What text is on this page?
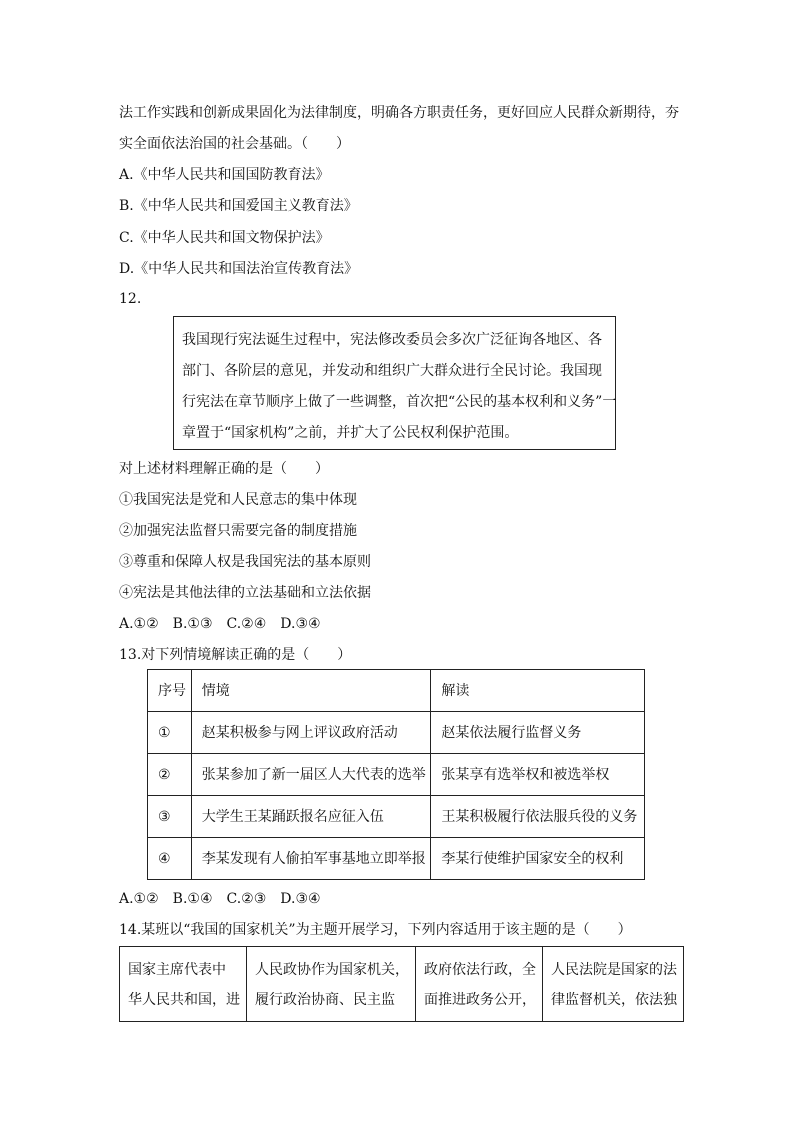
法工作实践和创新成果固化为法律制度，明确各方职责任务，更好回应人民群众新期待，夯
实全面依法治国的社会基础。（　　）
A.《中华人民共和国国防教育法》
B.《中华人民共和国爱国主义教育法》
C.《中华人民共和国文物保护法》
D.《中华人民共和国法治宣传教育法》
12.
我国现行宪法诞生过程中，宪法修改委员会多次广泛征询各地区、各
部门、各阶层的意见，并发动和组织广大群众进行全民讨论。我国现
行宪法在章节顺序上做了一些调整，首次把“公民的基本权利和义务”一
章置于“国家机构”之前，并扩大了公民权利保护范围。
对上述材料理解正确的是（　　）
①我国宪法是党和人民意志的集中体现
②加强宪法监督只需要完备的制度措施
③尊重和保障人权是我国宪法的基本原则
④宪法是其他法律的立法基础和立法依据
A.①②　B.①③　C.②④　D.③④
13.对下列情境解读正确的是（　　）
序号	情境	解读
①	赵某积极参与网上评议政府活动	赵某依法履行监督义务
②	张某参加了新一届区人大代表的选举	张某享有选举权和被选举权
③	大学生王某踊跃报名应征入伍	王某积极履行依法服兵役的义务
④	李某发现有人偷拍军事基地立即举报	李某行使维护国家安全的权利
A.①②　B.①④　C.②③　D.③④
14.某班以“我国的国家机关”为主题开展学习，下列内容适用于该主题的是（　　）
国家主席代表中
华人民共和国，进

人民政协作为国家机关，
履行政治协商、民主监

政府依法行政，全
面推进政务公开，

人民法院是国家的法
律监督机关，依法独
